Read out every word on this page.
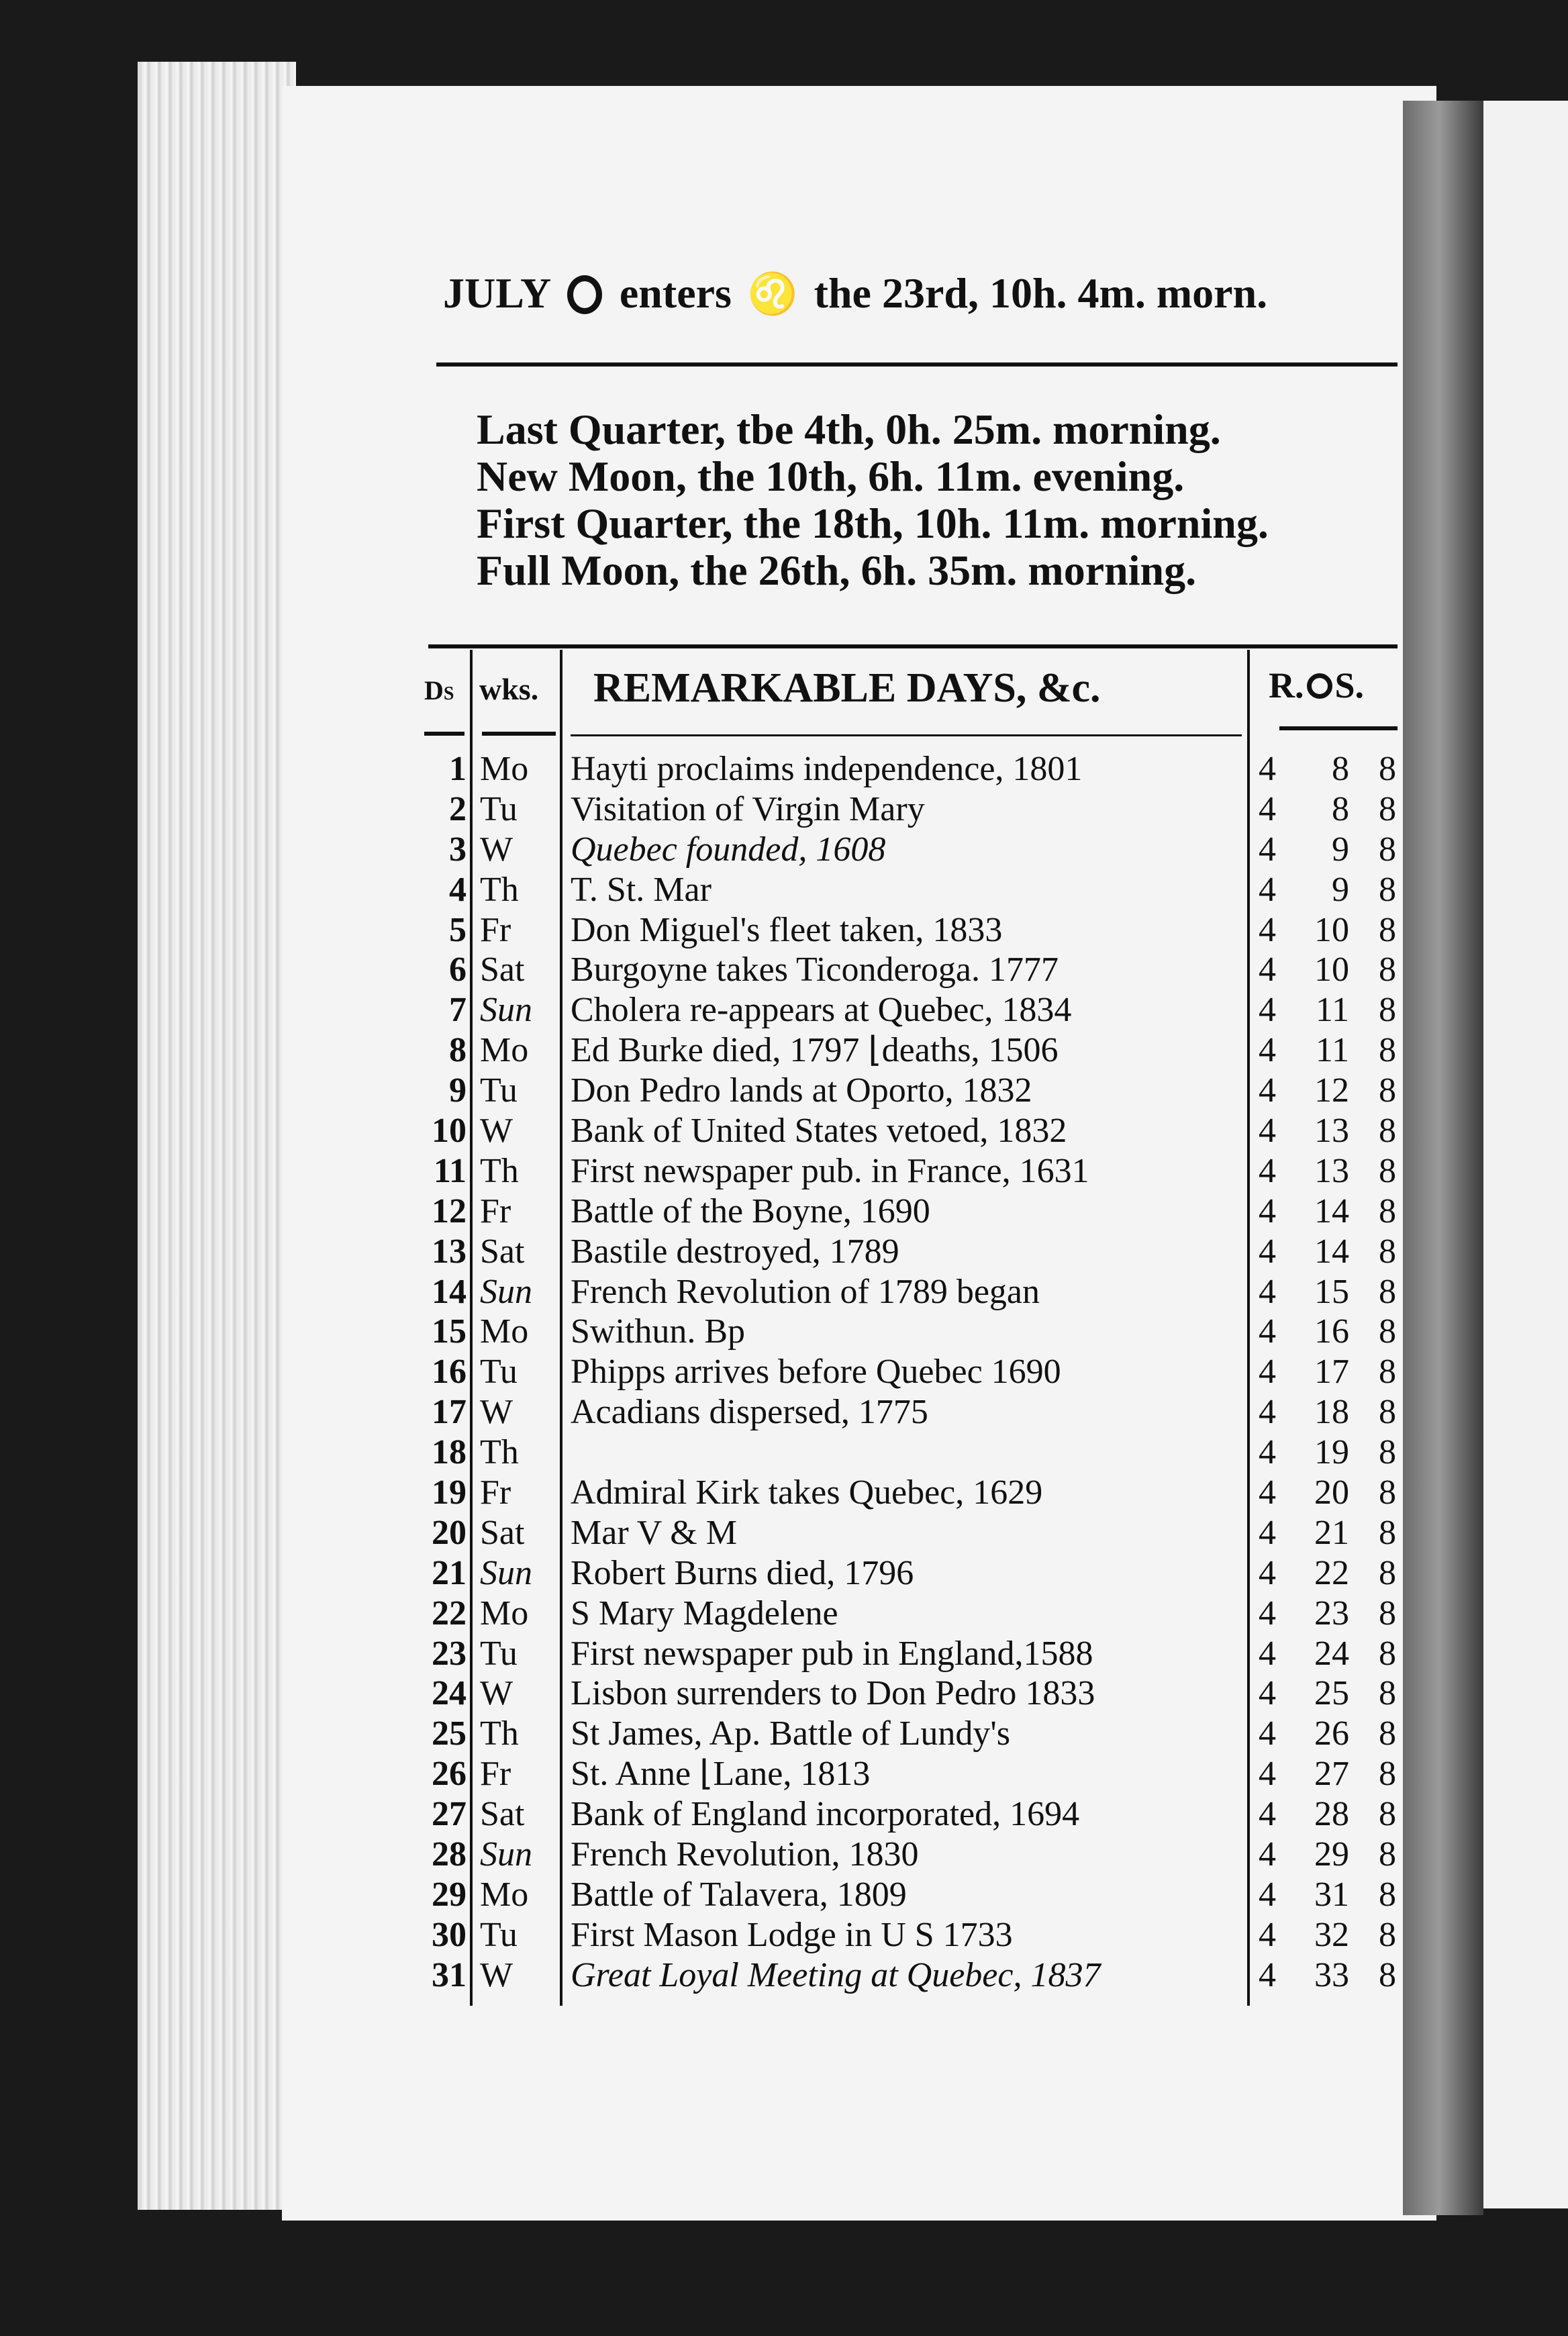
JULY enters ♌ the 23rd, 10h. 4m. morn.
Last Quarter, tbe 4th, 0h. 25m. morning.
New Moon, the 10th, 6h. 11m. evening.
First Quarter, the 18th, 10h. 11m. morning.
Full Moon, the 26th, 6h. 35m. morning.
Ds wks. REMARKABLE DAYS, &c.	R. S.
1 Mo Hayti proclaims independence, 1801	4	8 8
2 Tu Visitation of Virgin Mary	4	8 8
3 W Quebec founded, 1608	4	9 8
4 Th T. St. Mar	4	9 8
5 Fr Don Miguel's fleet taken, 1833	4	10 8
6 Sat Burgoyne takes Ticonderoga. 1777	4	10 8
7 Sun Cholera re-appears at Quebec, 1834	4	11 8
8 Mo Ed Burke died, 1797 ⌊deaths, 1506	4	11 8
9 Tu Don Pedro lands at Oporto, 1832	4	12 8
10 W Bank of United States vetoed, 1832	4	13 8
11 Th First newspaper pub. in France, 1631	4	13 8
12 Fr Battle of the Boyne, 1690	4	14 8
13 Sat Bastile destroyed, 1789	4	14 8
14 Sun French Revolution of 1789 began	4	15 8
15 Mo Swithun. Bp	4	16 8
16 Tu Phipps arrives before Quebec 1690	4	17 8
17 W Acadians dispersed, 1775	4	18 8
18 Th	4	19 8
19 Fr Admiral Kirk takes Quebec, 1629	4	20 8
20 Sat Mar V & M	4	21 8
21 Sun Robert Burns died, 1796	4	22 8
22 Mo S Mary Magdelene	4	23 8
23 Tu First newspaper pub in England,1588	4	24 8
24 W Lisbon surrenders to Don Pedro 1833	4	25 8
25 Th St James, Ap. Battle of Lundy's	4	26 8
26 Fr St. Anne ⌊Lane, 1813	4	27 8
27 Sat Bank of England incorporated, 1694	4	28 8
28 Sun French Revolution, 1830	4	29 8
29 Mo Battle of Talavera, 1809	4	31 8
30 Tu First Mason Lodge in U S 1733	4	32 8
31 W Great Loyal Meeting at Quebec, 1837	4	33 8
